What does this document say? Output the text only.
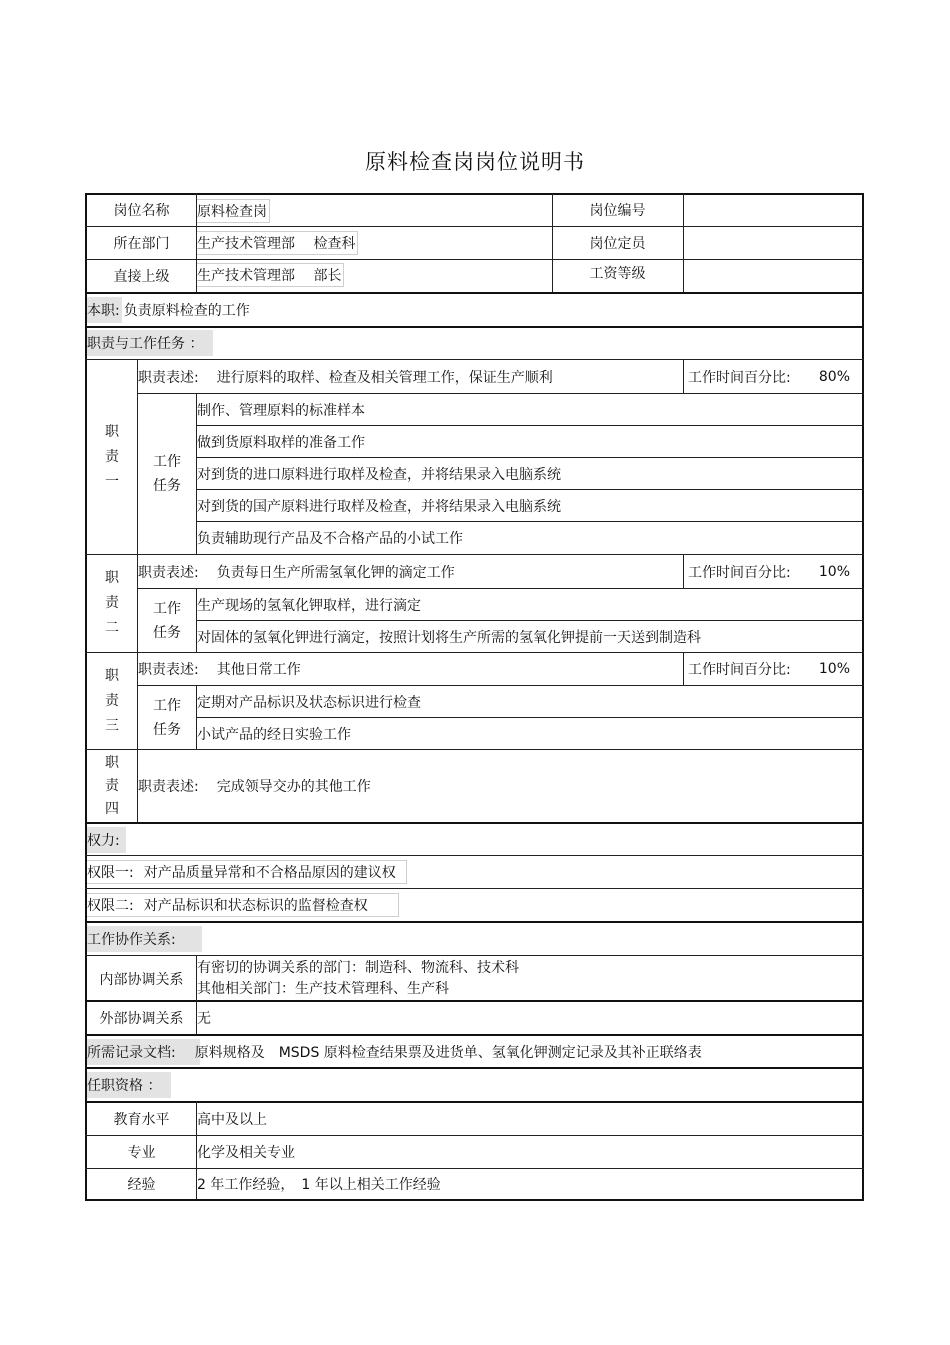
原料检查岗岗位说明书
岗位名称	原料检查岗	岗位编号
所在部门	生产技术管理部　 检查科	岗位定员
直接上级	生产技术管理部　 部长	工资等级
本职: 负责原料检查的工作
职责与工作任务 ：
职
责
一
职责表述: 进行原料的取样、检查及相关管理工作，保证生产顺利	工作时间百分比: 80%
工作
任务
制作、管理原料的标准样本
做到货原料取样的准备工作
对到货的进口原料进行取样及检查，并将结果录入电脑系统
对到货的国产原料进行取样及检查，并将结果录入电脑系统
负责辅助现行产品及不合格产品的小试工作
职
责
二
职责表述: 负责每日生产所需氢氧化钾的滴定工作	工作时间百分比: 10%
工作
任务
生产现场的氢氧化钾取样，进行滴定
对固体的氢氧化钾进行滴定，按照计划将生产所需的氢氧化钾提前一天送到制造科
职
责
三
职责表述: 其他日常工作	工作时间百分比: 10%
工作
任务
定期对产品标识及状态标识进行检查
小试产品的经日实验工作
职
责
四
职责表述: 完成领导交办的其他工作
权力:
权限一: 对产品质量异常和不合格品原因的建议权
权限二: 对产品标识和状态标识的监督检查权
工作协作关系:
内部协调关系
有密切的协调关系的部门：制造科、物流科、技术科
其他相关部门：生产技术管理科、生产科
外部协调关系 无
所需记录文档:	原料规格及　MSDS 原料检查结果票及进货单、氢氧化钾测定记录及其补正联络表
任职资格 ：
教育水平	高中及以上
专业	化学及相关专业
经验	2 年工作经验，　1 年以上相关工作经验
